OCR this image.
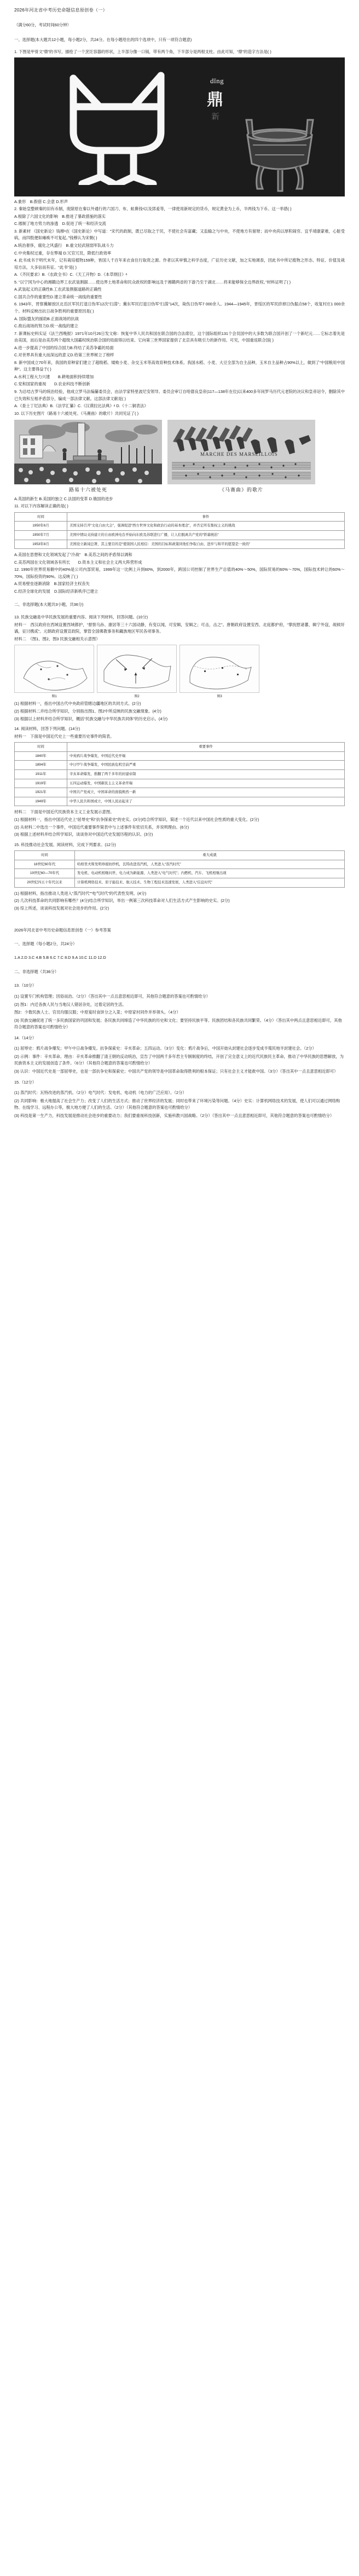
2026年河北省中考历史命题信息原创卷（一）
（满分60分，考试时间60分钟）
一、选择题(本大题共12小题，每小题2分，共24分。在每小题给出的四个选项中，只有一项符合题意)
1. 下图是甲骨文“鼎”的书写，描绘了一个烹饪容器的形状，上半部分像一口锅，带有两个角，下半部分是两根支柱。由此可知，“鼎”的造字方法是( )
dǐng
鼎
𣂺
A.象形　B.假借 C.会意 D.形声
2. 秦始皇整顿秦的旧有币制，废除原在秦以外通行的六国刀、布、蚁鼻钱ᵃ以及郢爰等，一律使用新规定的货币，规定黄金为上币，半两钱为下币。这一举措( )
A.根除了六国文化的影响　B.推进了暴政措施的落实
C.遏制了地方势力的渗透　D.促进了统一和经济交流
3. 新素材 《国史新论》钱穆ᵃ在《国史新论》中写道：“宋代的政制，既已尽取之于民，不使社会有富藏；又监输之与中央，不使地方有留财；而中央尚以厚积闹穷。宜乎靖康蒙难，心脏受病，而四肢便如瘫痪不可复起。”钱穆认为宋朝( )
A.统治奢侈，腐化之风盛行　B.重文轻武削弱军队战斗力
C.中央集权过重，存在弊端 D.冗官冗员，降低行政效率
4. 此书成书于明代末年，记有栽培植物159种，皆国人千百年来衣食住行取资之源。作者以其审慎之科学态度，广征历史文献，加之实地调查，因此书中所记植物之形态、特征、价值及栽培方法，大多信而有征。“此书”是( )
A.《齐民要求》B.《农政全书》C.《天工开物》D.《本草纲目》ᵃ
5. “以宁冈为中心的湘赣边界工农武装割据……使边界土地革命和民众政权的影响远及于湘赣两省的下游乃至于湖北……将来能够保全边界政权。”材料证明了( )
A.武装起义的正确性B.工农武装割据道路的正确性
C.国共合作的重要性D.建立革命统一战线的重要性
6. 1943年，晋察冀解放区北岳区军民打退日伪军12次“扫荡”；冀东军民打退日伪军“扫荡”14次，毙伤日伪军7 000余人。1944—1945年，晋绥区的军民挤掉日伪据点58个，收复村庄1 000余个。材料反映出抗日战争胜利的重要原因是( )
A. 国际盟友的援助B.正面战场的抗战
C.敌后战场的努力D.统一战线的建立
7. 新课标史料实证《法兰西晚报》1971年10月26日发文称：恢复中华人民共和国在联合国的合法席位，这个国际组织131个会员国中的大多数为联合国开创了一个新纪元……它标志着先是由美国，而后是由美苏两个超级大国霸权统治联合国的局面得以结束。它向第三世界国家提供了北京具有吸引力的新作用。可见，中国重返联合国( )
A.进一步提高了中国的综合国力B.终结了美苏争霸的局面
C.对世界具有重大而深远的意义D.给第三世界树立了榜样
8. 新中国成立70年来，我国的育种家们建立了超级稻、矮败小麦、杂交玉米等高效育种技术体系。我国水稻、小麦、大豆全部为自主品种，玉米自主品种占90%以上，做到了“中国粮用中国种”。这主要得益于( )
A.水利工程大力兴建　　B.耕地面积持续增加
C.党和国家的重视　　D.农业科技不断创新
9. 为总结古罗马的统治经验，他成立罗马法编纂委员会，由法学家特里波尼安领导。委员会审订自哈德良皇帝(117—138年在位)以来400多年间罗马历代元老院的决议和皇帝诏令，删除其中已失效和互相矛盾部分，编成一部法律文献。这部法律文献是( )
A.《查士丁尼法典》B.《法学汇纂》C.《汉谟拉比法典》ᵃ D.《十二铜表法》
10. 以下历史图片（路易十六被处死、《马赛曲》的歌片）共同见证了( )
路易十六被处死
MARCHE DES MARSEILLOIS
《马赛曲》的歌片
A.英国的新生 B.美国的独立 C.法国的变革 D.俄国的进步
11. 对以下内容解读正确的是( )
时间	事件
1950年6月	美国支持召开“文化自由大会”，强调促进“西方世界文化和政治行动的基本理念”，并否定所有集权主义的挑战
1950年7月	美国中情局支持建立的自由欧洲电台开始向东欧及苏联进行广播，让人们脱离共产党的“铁幕统治”
1953年8月	美国设立新闻总署，其主要目的是“使别国人民相信：美国的目标和政策同他们争取自由、进步与和平的愿望是一致的”
A.美国在思想和文化领域发起了“冷战”　B.美苏之间的矛盾得以调和
C.美苏两国在文化领域各有所长　　D.资本主义和社会主义两大阵营形成
12. 1990年世界贸易额中的40%是公司内部贸易，1999年这一比例上升到60%，到2000年，跨国公司控制了世界生产总值的40%～50%，国际贸易的60%～70%，国际技术转让的60%～70%，国际投资的90%。这反映了( )
A.贸易壁垒逐渐消除　B.国家经济主权丧失
C.经济全球化的发展　D.国际经济新秩序已建立
二、非选择题(本大题共3小题，共36分)
13. 民族交融是中华民族发展的重要内容。阅读下列材料，回答问题。(10分)
材料一　西汉政府在西域设置西域都护，“督察乌孙、康居等三十六国动静，有变以闻，可安辑，安辑之；可击，击之”。唐朝政府设置安西、北庭都护府，“掌抚慰诸蕃，辑宁外寇，觇候奸谲，征讨携贰”。元朝政府设置宣政院，掌管全国佛教事务和藏族地区军民各项事务。
材料二　（图1、图2、图3 民族交融相关示意图）
图1	图2	图3
(1) 根据材料一，指出中国古代中央政府管辖边疆地区的共同方式。(2分)
(2) 根据材料二并结合所学知识，分别指出图1、图2中所反映的民族交融现象。(4分)
(3) 根据以上材料并结合所学知识，概括“民族交融与中华民族共同体”的历史启示。(4分)
14. 阅读材料，回答下列问题。(14分)
材料一　下面是中国近代史上一些重要历史事件的简表。
时间	重要事件
1840年	中英鸦片战争爆发，中国近代史开端
1894年	中日甲午战争爆发，中国民族危机空前严重
1911年	辛亥革命爆发，推翻了两千多年的封建帝制
1919年	五四运动爆发，中国新民主主义革命开端
1921年	中国共产党成立，中国革命的面貌焕然一新
1949年	中华人民共和国成立，中国人民站起来了
材料二　下面是中国近代民族资本主义工业发展示意图。
(1) 根据材料一，指出中国近代史上“屈辱史”和“抗争探索史”的史实。(3分)结合所学知识，简述一个近代以来中国社会性质的重大变化。(2分)
(2) 从材料二中选出一个事件，中国近代重要事件简表中与上述事件有密切关系，并说明理由。(6分)
(3) 根据上述材料并结合所学知识，谈谈你对中国近代史发展历程的认识。(3分)
15. 科技推动社会发展。阅读材料，完成下列要求。(12分)
时间	重大成就
18世纪60年代	哈格里夫斯发明珍妮纺纱机，瓦特改进蒸汽机，人类进入“蒸汽时代”
19世纪60—70年代	发电机、电动机相继问世，电力成为新能源，人类进入“电气时代”；内燃机、汽车、飞机相继出现
20世纪四五十年代以来	计算机网络技术、原子能技术、航天技术、生物工程技术迅速发展，人类进入“信息时代”
(1) 根据材料，指出推动人类进入“蒸汽时代”“电气时代”的代表性发明。(4分)
(2) 几次科技革命的共同影响有哪些？(4分)结合所学知识，举出一例第三次科技革命对人们生活方式产生影响的史实。(2分)
(3) 综上所述，谈谈科技发展对社会进步的作用。(2分)
2026年河北省中考历史命题信息原创卷（一）参考答案
一、选择题（每小题2分，共24分）
1.A 2.D 3.C 4.B 5.B 6.C 7.C 8.D 9.A 10.C 11.D 12.D
二、非选择题（共36分）
13.（10分）
(1) 设置专门机构管理；因俗而治。（2分）（答出其中一点且意思相近即可，其他符合题意的答案也可酌情给分）
(2) 图1：内迁各族人民与当地汉人错居杂处，过着定居的生活。
图2：少数民族人士、官员均服汉服；中原宴时食饼分之入菜；中原家村同作并举领头。（4分）
(3) 民族交融促进了统一多民族国家的巩固和发展；各民族共同缔造了中华民族的历史和文化；要坚持民族平等、民族团结和各民族共同繁荣。（4分）（答出其中两点且意思相近即可，其他符合题意的答案也可酌情给分）
14.（14分）
(1) 屈辱史：鸦片战争爆发；甲午中日战争爆发。抗争探索史：辛亥革命；五四运动。（3分）变化：鸦片战争后，中国开始从封建社会逐步变成半殖民地半封建社会。（2分）
(2) 示例：事件：辛亥革命。理由：辛亥革命推翻了清王朝的反动统治，宣告了中国两千多年君主专制制度的终结，开创了完全意义上的近代民族民主革命，推动了中华民族的思想解放，为民族资本主义的发展创造了条件。（6分）（其他符合题意的答案也可酌情给分）
(3) 认识：中国近代史是一部屈辱史，也是一部抗争史和探索史；中国共产党的领导是中国革命取得胜利的根本保证；只有社会主义才能救中国。（3分）（答出其中一点且意思相近即可）
15.（12分）
(1) 蒸汽时代：瓦特改进的蒸汽机。（2分）电气时代：发电机、电动机（电力的广泛应用）。（2分）
(2) 共同影响：极大地提高了社会生产力；改变了人们的生活方式；推动了世界经济的发展；同时也带来了环境污染等问题。（4分）史实：计算机网络技术的发展，使人们可以通过网络购物、在线学习、远程办公等，极大地方便了人们的生活。（2分）（其他符合题意的答案也可酌情给分）
(3) 科技是第一生产力，科技发展是推动社会进步的重要动力；我们要重视科技创新，实施科教兴国战略。（2分）（答出其中一点且意思相近即可，其他符合题意的答案也可酌情给分）
